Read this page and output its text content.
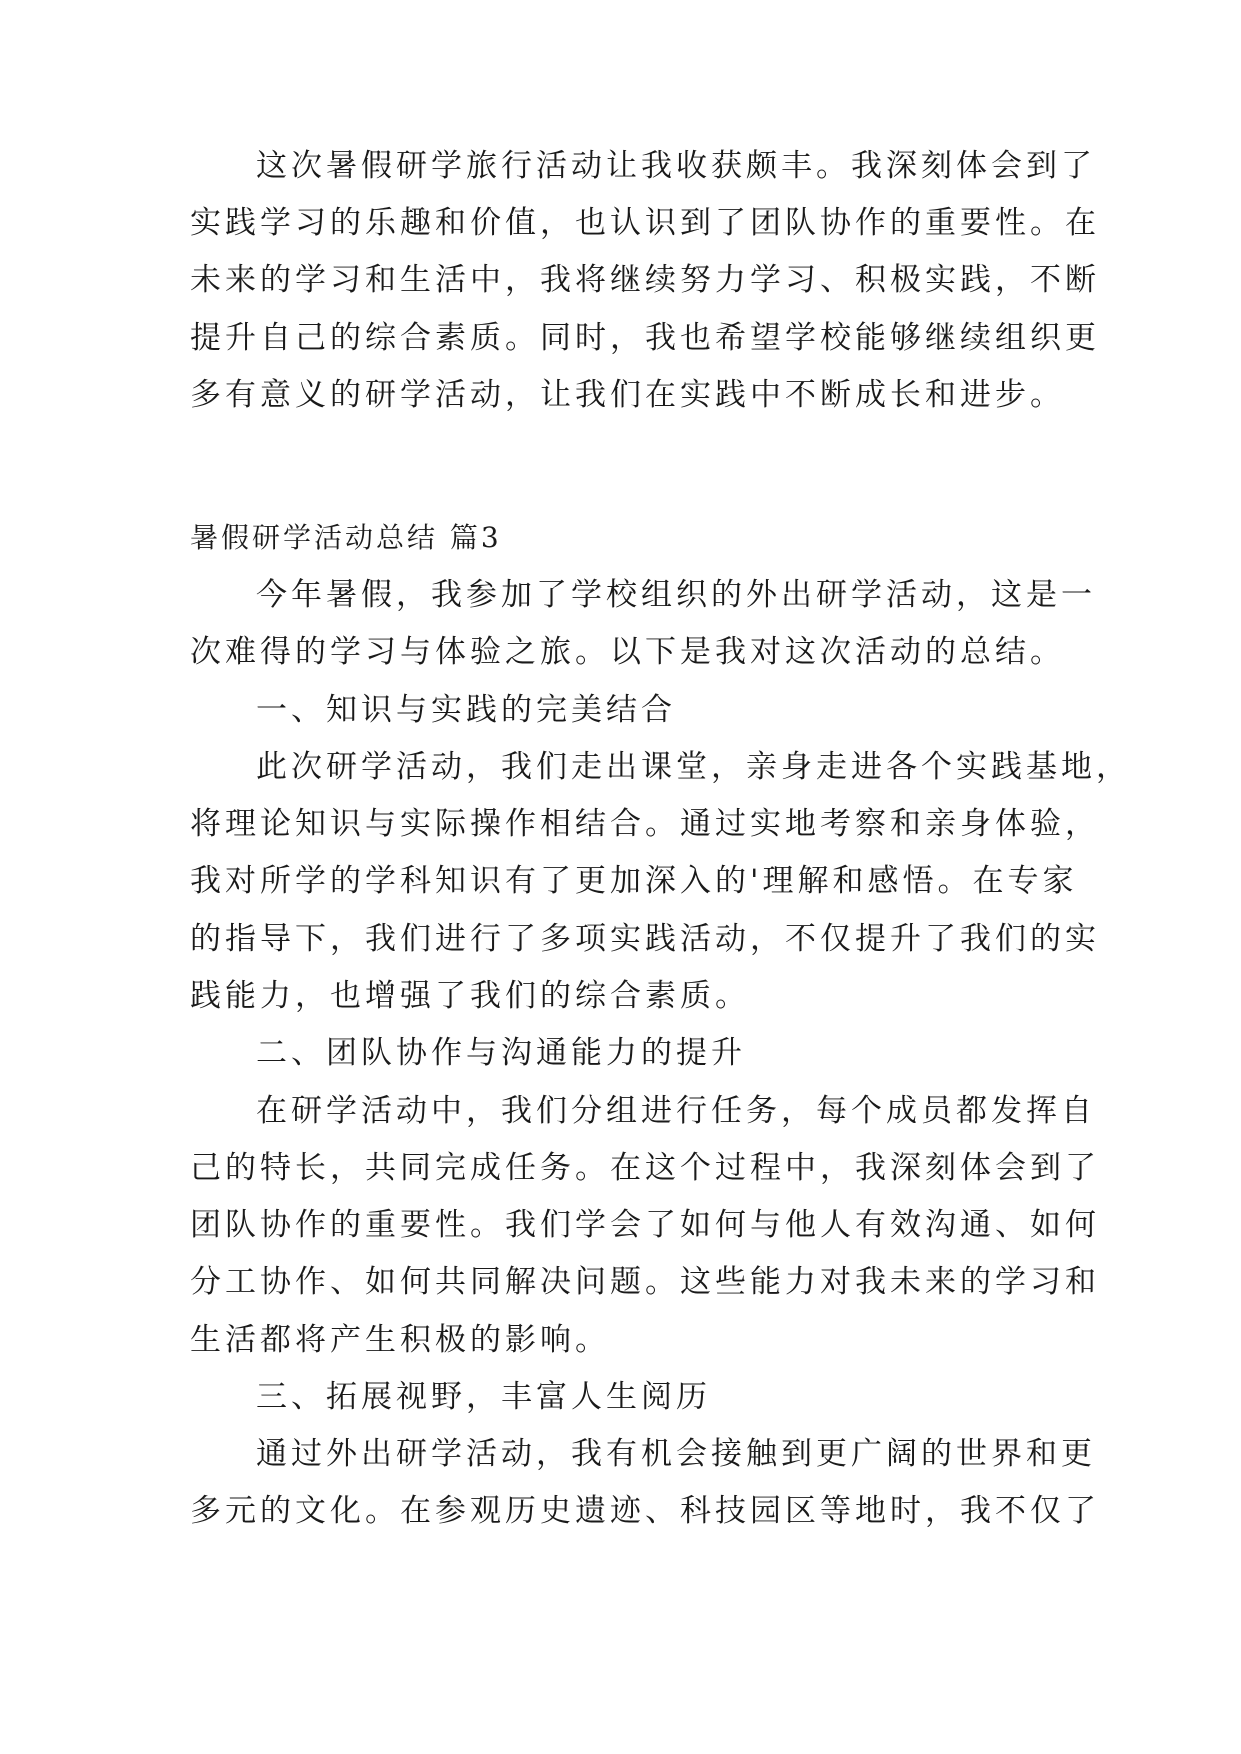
这次暑假研学旅行活动让我收获颇丰。我深刻体会到了
实践学习的乐趣和价值，也认识到了团队协作的重要性。在
未来的学习和生活中，我将继续努力学习、积极实践，不断
提升自己的综合素质。同时，我也希望学校能够继续组织更
多有意义的研学活动，让我们在实践中不断成长和进步。
暑假研学活动总结 篇3
今年暑假，我参加了学校组织的外出研学活动，这是一
次难得的学习与体验之旅。以下是我对这次活动的总结。
一、知识与实践的完美结合
此次研学活动，我们走出课堂，亲身走进各个实践基地，
将理论知识与实际操作相结合。通过实地考察和亲身体验，
我对所学的学科知识有了更加深入的'理解和感悟。在专家
的指导下，我们进行了多项实践活动，不仅提升了我们的实
践能力，也增强了我们的综合素质。
二、团队协作与沟通能力的提升
在研学活动中，我们分组进行任务，每个成员都发挥自
己的特长，共同完成任务。在这个过程中，我深刻体会到了
团队协作的重要性。我们学会了如何与他人有效沟通、如何
分工协作、如何共同解决问题。这些能力对我未来的学习和
生活都将产生积极的影响。
三、拓展视野，丰富人生阅历
通过外出研学活动，我有机会接触到更广阔的世界和更
多元的文化。在参观历史遗迹、科技园区等地时，我不仅了
